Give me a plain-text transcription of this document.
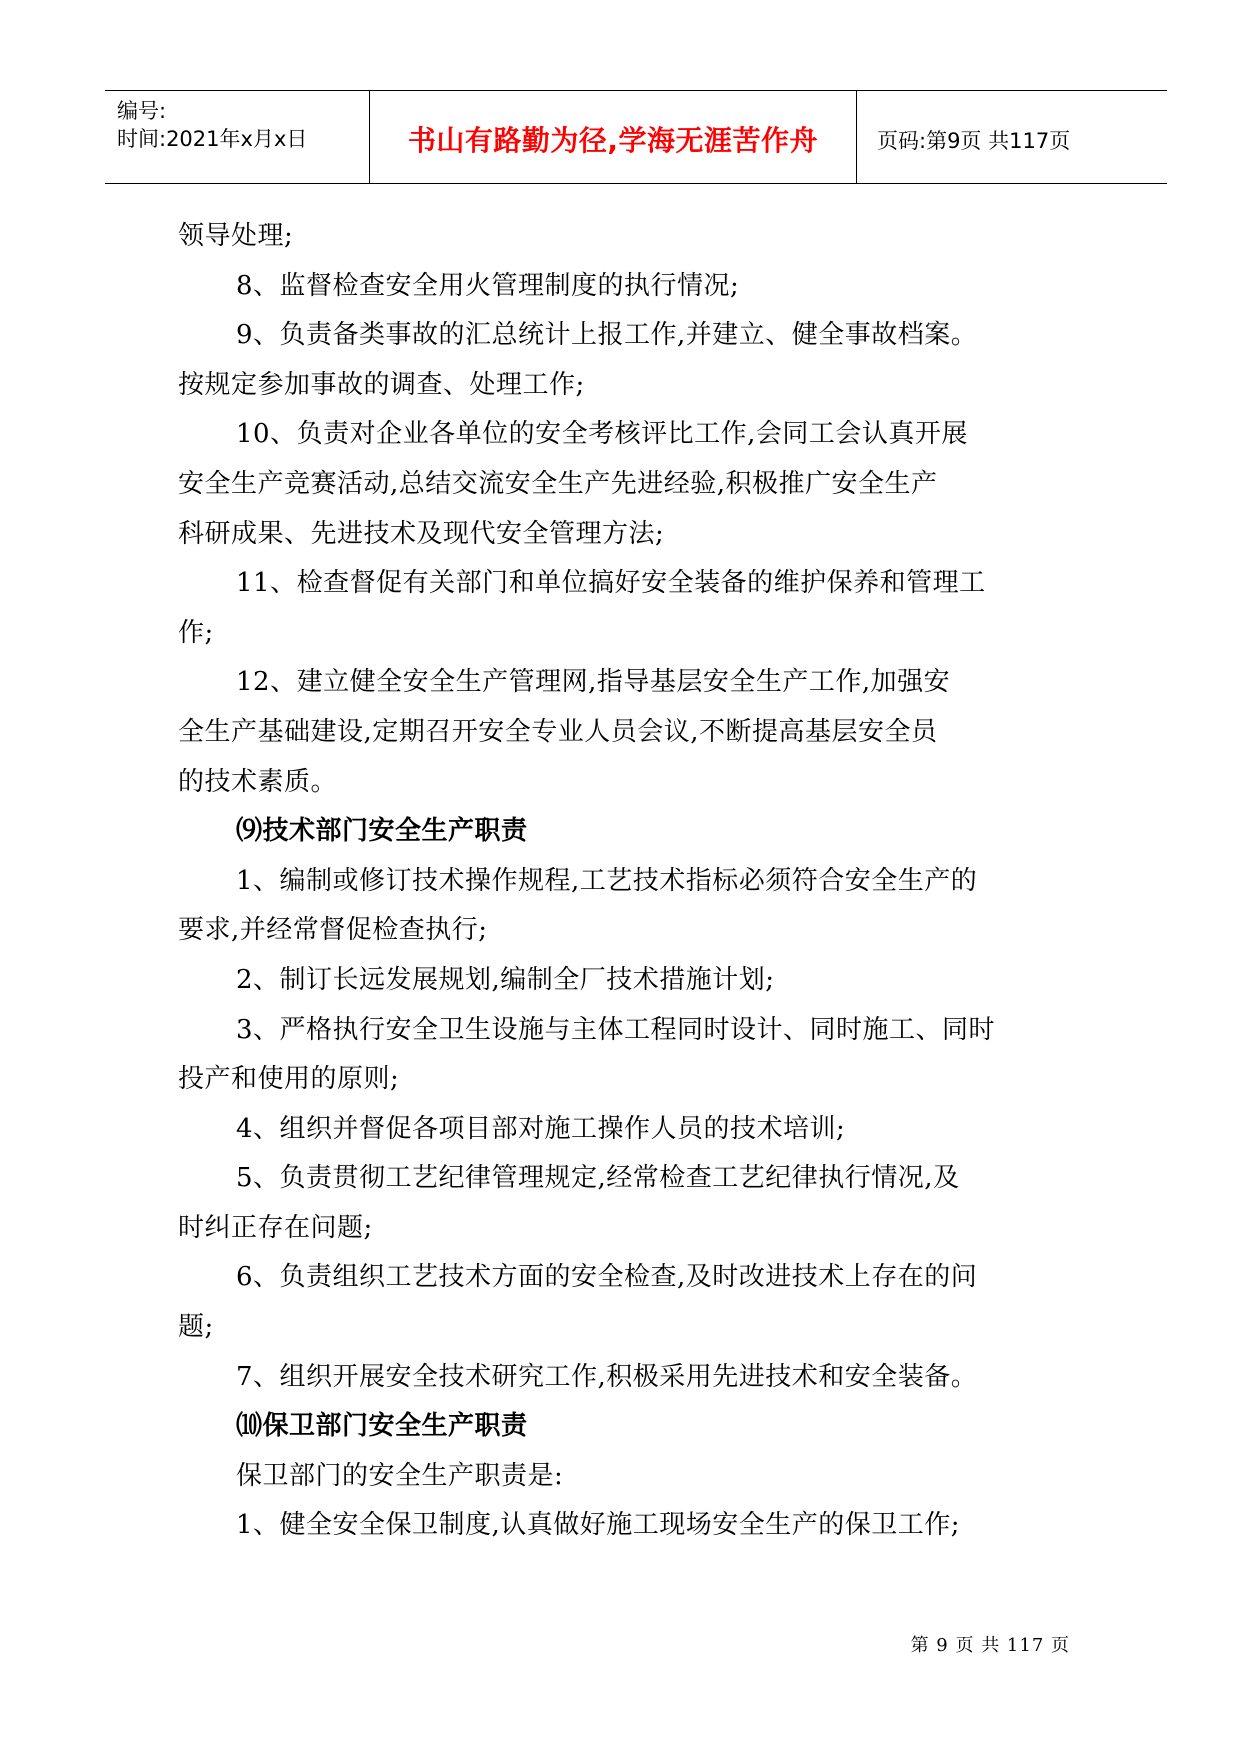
编号:
时间:2021年x月x日	书山有路勤为径,学海无涯苦作舟	页码:第9页 共117页
领导处理;
8、监督检查安全用火管理制度的执行情况;
9、负责备类事故的汇总统计上报工作,并建立、健全事故档案。
按规定参加事故的调查、处理工作;
10、负责对企业各单位的安全考核评比工作,会同工会认真开展
安全生产竞赛活动,总结交流安全生产先进经验,积极推广安全生产
科研成果、先进技术及现代安全管理方法;
11、检查督促有关部门和单位搞好安全装备的维护保养和管理工
作;
12、建立健全安全生产管理网,指导基层安全生产工作,加强安
全生产基础建设,定期召开安全专业人员会议,不断提高基层安全员
的技术素质。
⑼技术部门安全生产职责
1、编制或修订技术操作规程,工艺技术指标必须符合安全生产的
要求,并经常督促检查执行;
2、制订长远发展规划,编制全厂技术措施计划;
3、严格执行安全卫生设施与主体工程同时设计、同时施工、同时
投产和使用的原则;
4、组织并督促各项目部对施工操作人员的技术培训;
5、负责贯彻工艺纪律管理规定,经常检查工艺纪律执行情况,及
时纠正存在问题;
6、负责组织工艺技术方面的安全检查,及时改进技术上存在的问
题;
7、组织开展安全技术研究工作,积极采用先进技术和安全装备。
⑽保卫部门安全生产职责
保卫部门的安全生产职责是:
1、健全安全保卫制度,认真做好施工现场安全生产的保卫工作;
第 9 页 共 117 页
